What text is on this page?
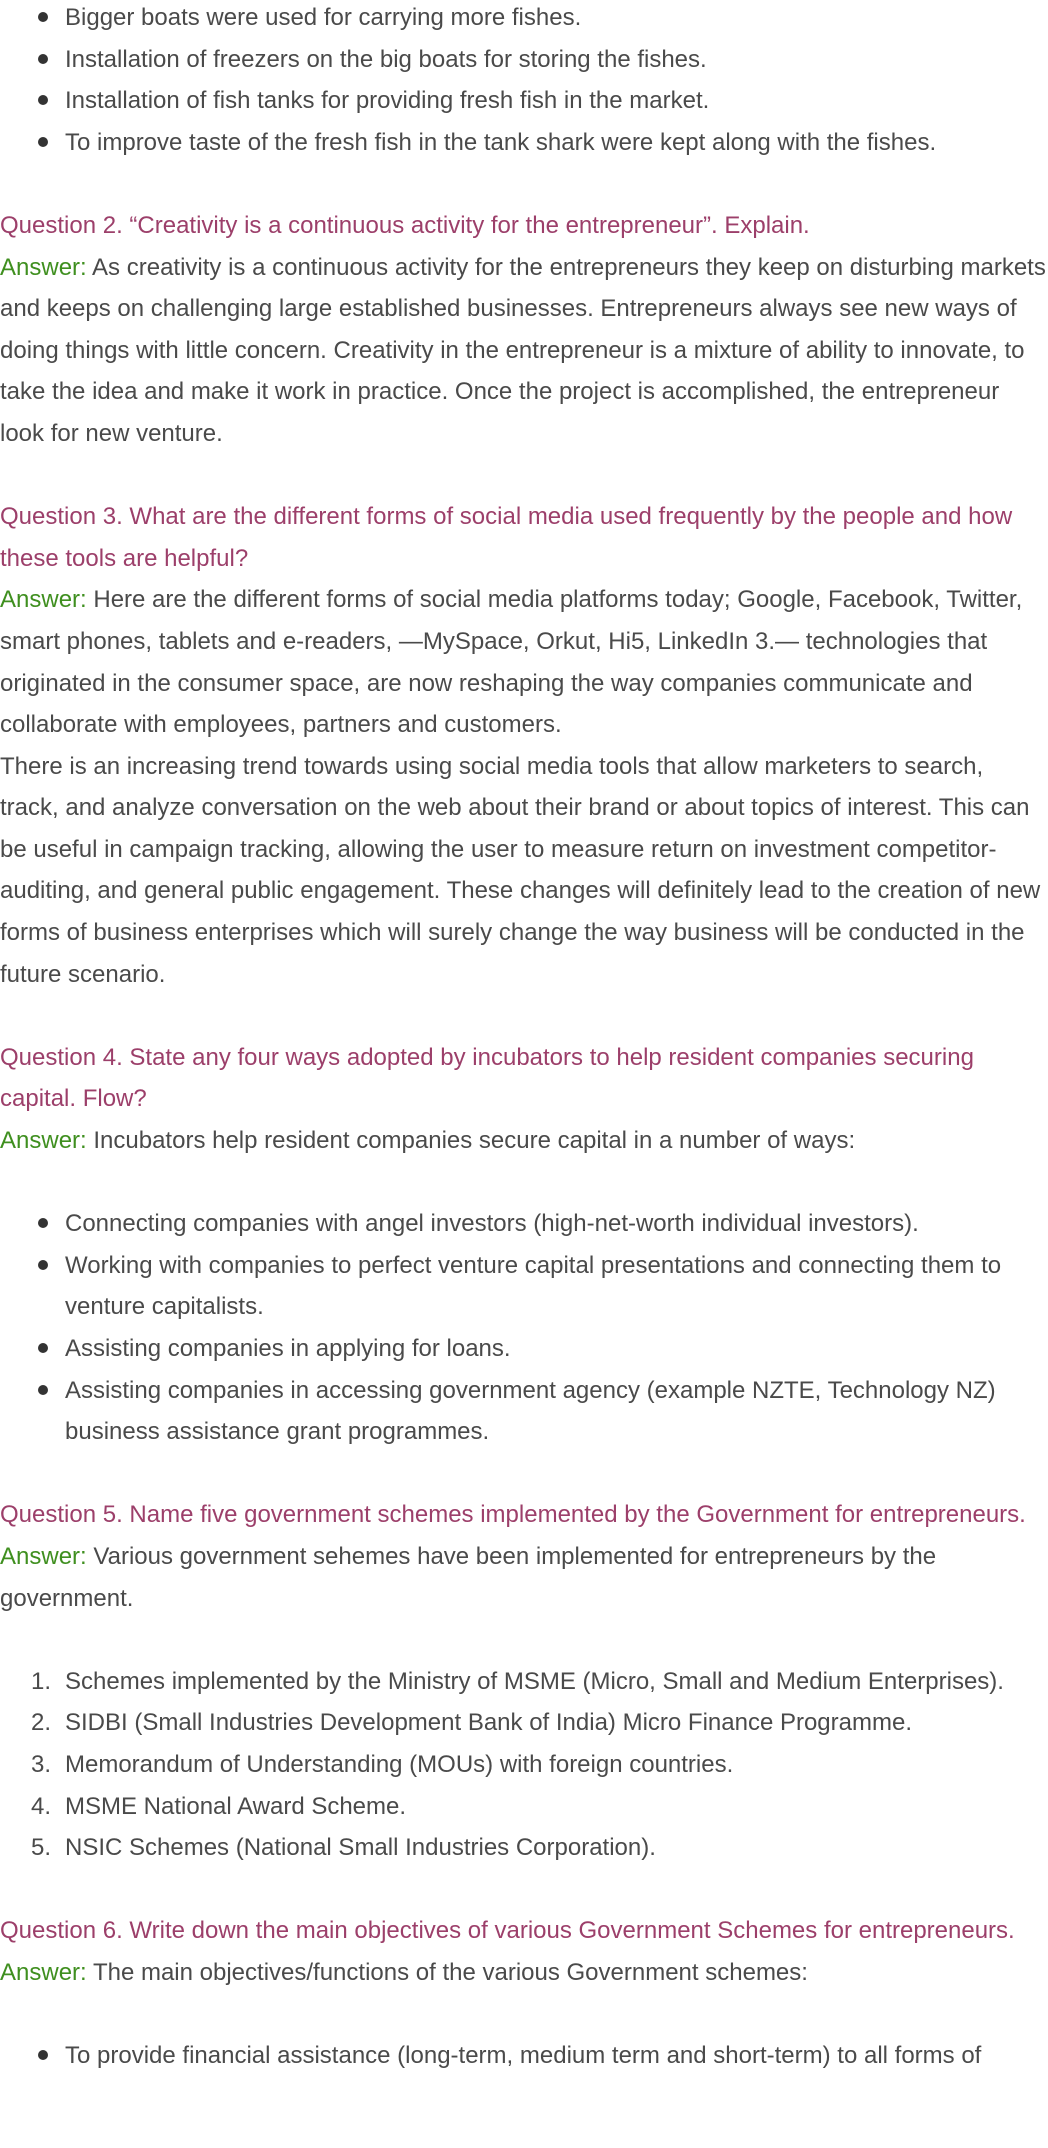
Bigger boats were used for carrying more fishes.
Installation of freezers on the big boats for storing the fishes.
Installation of fish tanks for providing fresh fish in the market.
To improve taste of the fresh fish in the tank shark were kept along with the fishes.

Question 2. “Creativity is a continuous activity for the entrepreneur”. Explain.

Answer: As creativity is a continuous activity for the entrepreneurs they keep on disturbing markets and keeps on challenging large established businesses. Entrepreneurs always see new ways of doing things with little concern. Creativity in the entrepreneur is a mixture of ability to innovate, to take the idea and make it work in practice. Once the project is accomplished, the entrepreneur look for new venture.

Question 3. What are the different forms of social media used frequently by the people and how these tools are helpful?

Answer: Here are the different forms of social media platforms today; Google, Facebook, Twitter, smart phones, tablets and e-readers, —MySpace, Orkut, Hi5, LinkedIn 3.— technologies that originated in the consumer space, are now reshaping the way companies communicate and collaborate with employees, partners and customers.

There is an increasing trend towards using social media tools that allow marketers to search, track, and analyze conversation on the web about their brand or about topics of interest. This can be useful in campaign tracking, allowing the user to measure return on investment competitor-auditing, and general public engagement. These changes will definitely lead to the creation of new forms of business enterprises which will surely change the way business will be conducted in the future scenario.

Question 4. State any four ways adopted by incubators to help resident companies securing capital. Flow?

Answer: Incubators help resident companies secure capital in a number of ways:

Connecting companies with angel investors (high-net-worth individual investors).
Working with companies to perfect venture capital presentations and connecting them to venture capitalists.
Assisting companies in applying for loans.
Assisting companies in accessing government agency (example NZTE, Technology NZ) business assistance grant programmes.

Question 5. Name five government schemes implemented by the Government for entrepreneurs.

Answer: Various government sehemes have been implemented for entrepreneurs by the government.

1. Schemes implemented by the Ministry of MSME (Micro, Small and Medium Enterprises).
2. SIDBI (Small Industries Development Bank of India) Micro Finance Programme.
3. Memorandum of Understanding (MOUs) with foreign countries.
4. MSME National Award Scheme.
5. NSIC Schemes (National Small Industries Corporation).

Question 6. Write down the main objectives of various Government Schemes for entrepreneurs.

Answer: The main objectives/functions of the various Government schemes:

To provide financial assistance (long-term, medium term and short-term) to all forms of
